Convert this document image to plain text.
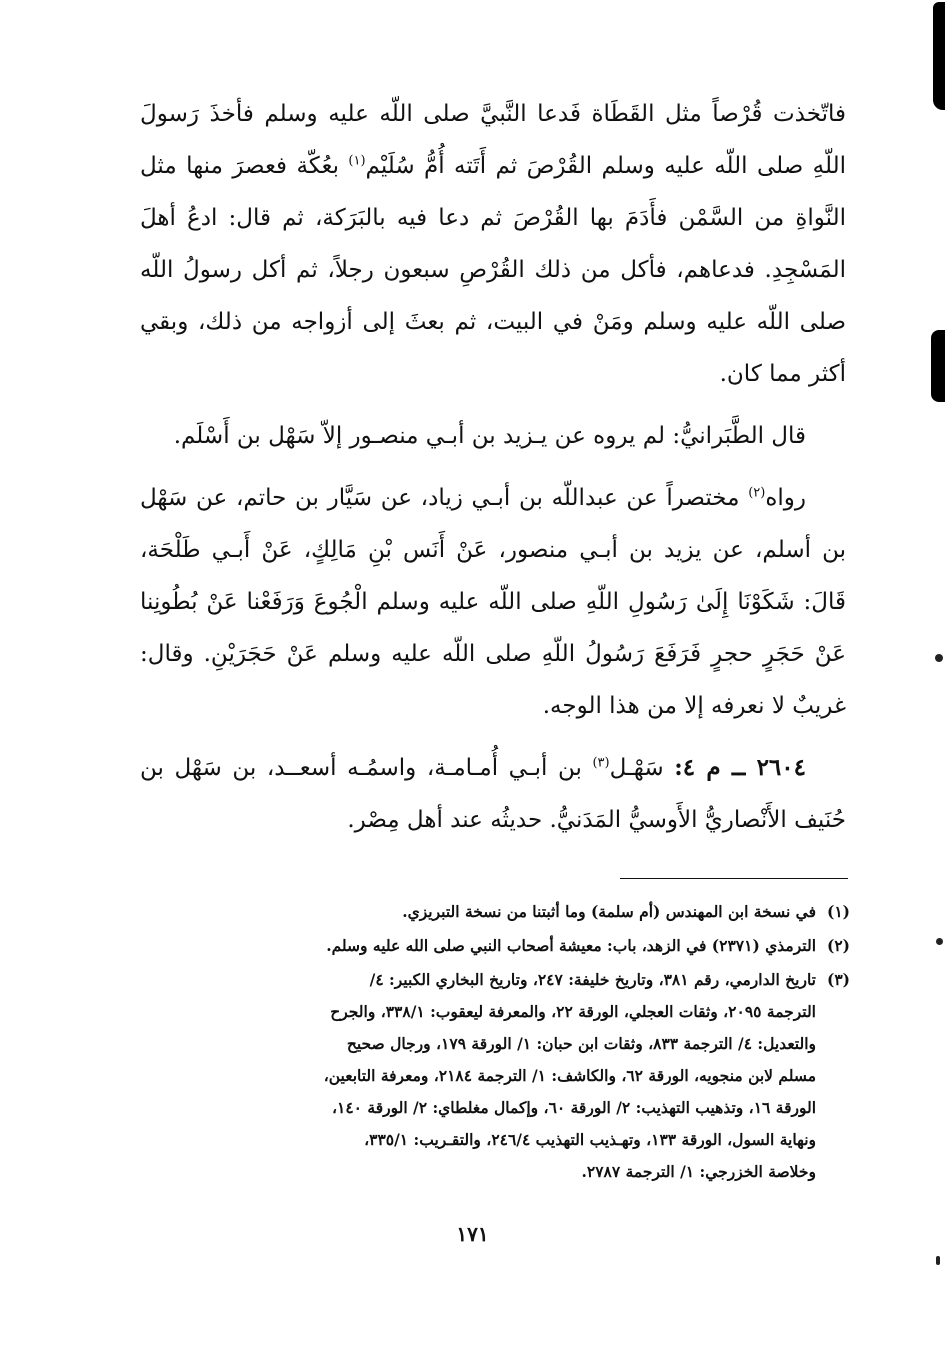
فاتّخذت قُرْصاً مثل القَطَاة فَدعا النَّبيَّ صلى اللّه عليه وسلم فأخذَ رَسولَ اللّهِ صلى اللّه عليه وسلم القُرْصَ ثم أَتَته أُمُّ سُلَيْم$^{(١)}$ بعُكّة فعصرَ منها مثل النَّواةِ من السَّمْن فأَدَمَ بها القُرْصَ ثم دعا فيه بالبَرَكة، ثم قال: ادعُ أهلَ المَسْجِدِ. فدعاهم، فأكل من ذلك القُرْصِ سبعون رجلاً، ثم أكل رسولُ اللّه صلى اللّه عليه وسلم ومَنْ في البيت، ثم بعثَ إلى أزواجه من ذلك، وبقي أكثر مما كان.

قال الطَّبَرانيُّ: لم يروه عن يـزيد بن أبـي منصـور إلاّ سَهْل بن أَسْلَم.

رواه$^{(٢)}$ مختصراً عن عبداللّه بن أبـي زياد، عن سَيَّار بن حاتم، عن سَهْل بن أسلم، عن يزيد بن أبـي منصور، عَنْ أَنَس بْنِ مَالِكٍ، عَنْ أَبـي طَلْحَة، قَالَ: شَكَوْنَا إِلَىٰ رَسُولِ اللّهِ صلى اللّه عليه وسلم الْجُوعَ وَرَفَعْنا عَنْ بُطُونِنا عَنْ حَجَرٍ حجرٍ فَرَفَعَ رَسُولُ اللّهِ صلى اللّه عليه وسلم عَنْ حَجَرَيْنِ. وقال: غريبٌ لا نعرفه إلا من هذا الوجه.

٢٦٠٤ ــ م ٤: سَهْـل$^{(٣)}$ بن أبـي أُمـامـة، واسمُـه أسعــد، بن سَهْل بن حُنَيف الأَنْصاريُّ الأَوسيُّ المَدَنيُّ. حديثُه عند أهل مِصْر.

(١)
في نسخة ابن المهندس (أم سلمة) وما أثبتنا من نسخة التبريزي.
(٢)
الترمذي (٢٣٧١) في الزهد، باب: معيشة أصحاب النبي صلى الله عليه وسلم.
(٣)
تاريخ الدارمي، رقم ٣٨١، وتاريخ خليفة: ٢٤٧، وتاريخ البخاري الكبير: ٤/
الترجمة ٢٠٩٥، وثقات العجلي، الورقة ٢٢، والمعرفة ليعقوب: ٣٣٨/١، والجرح
والتعديل: ٤/ الترجمة ٨٣٣، وثقات ابن حبان: ١/ الورقة ١٧٩، ورجال صحيح
مسلم لابن منجويه، الورقة ٦٢، والكاشف: ١/ الترجمة ٢١٨٤، ومعرفة التابعين،
الورقة ١٦، وتذهيب التهذيب: ٢/ الورقة ٦٠، وإكمال مغلطاي: ٢/ الورقة ١٤٠،
ونهاية السول، الورقة ١٣٣، وتهـذيب التهذيب ٢٤٦/٤، والتقـريب: ٣٣٥/١،
وخلاصة الخزرجي: ١/ الترجمة ٢٧٨٧.
١٧١
